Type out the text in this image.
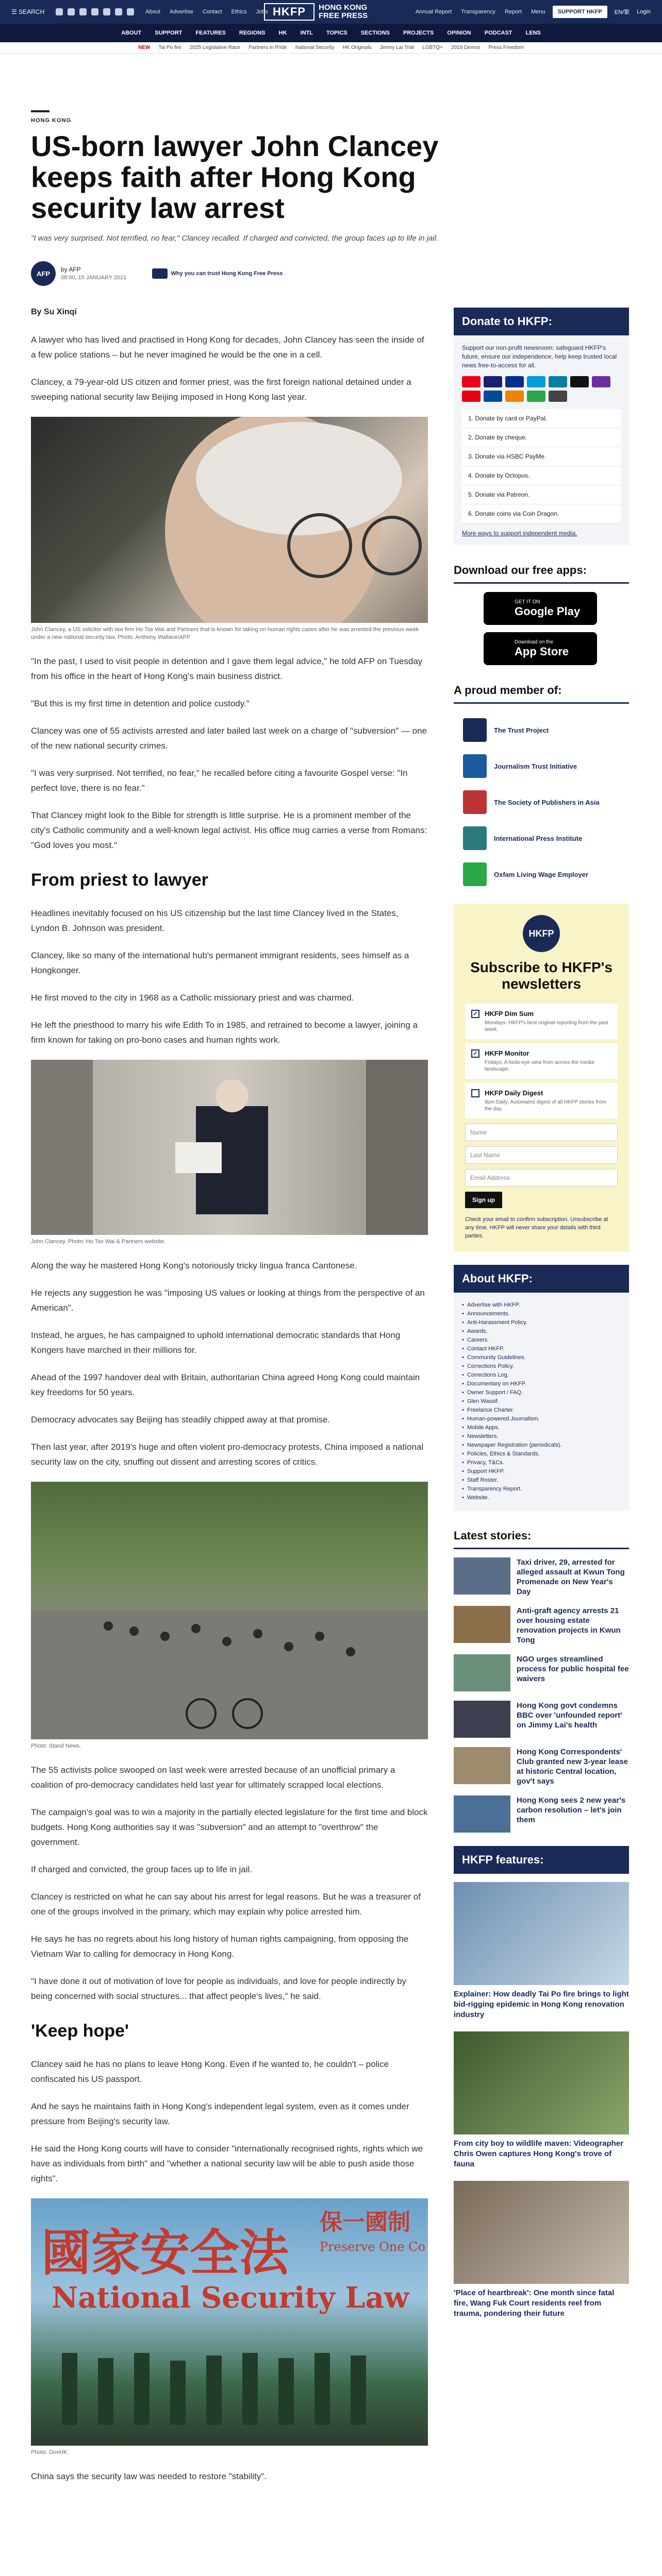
☰ SEARCH	About Advertise Contact Ethics Jobs HKFP	HONG KONG
FREE PRESS	Annual Report Transparency Report Menu	SUPPORT HKFP	EN/繁 Login
ABOUT SUPPORT FEATURES REGIONS HK INTL TOPICS SECTIONS PROJECTS OPINION PODCAST LENS
NEW Tai Po fire 2025 Legislative Race Partners in Pride National Security HK Originals Jimmy Lai Trial LGBTQ+ 2019 Demos Press Freedom
HONG KONG
US-born lawyer John Clancey keeps faith after Hong Kong security law arrest
"I was very surprised. Not terrified, no fear," Clancey recalled. If charged and convicted, the group faces up to life in jail.
AFP
by AFP
08:00, 15 JANUARY 2021
Why you can trust Hong Kong Free Press
By Su Xinqi

A lawyer who has lived and practised in Hong Kong for decades, John Clancey has seen the inside of a few police stations – but he never imagined he would be the one in a cell.

Clancey, a 79-year-old US citizen and former priest, was the first foreign national detained under a sweeping national security law Beijing imposed in Hong Kong last year.

John Clancey, a US solicitor with law firm Ho Tse Wai and Partners that is known for taking on human rights cases after he was arrested the previous week under a new national security law. Photo: Anthony Wallace/AFP

"In the past, I used to visit people in detention and I gave them legal advice," he told AFP on Tuesday from his office in the heart of Hong Kong's main business district.

"But this is my first time in detention and police custody."

Clancey was one of 55 activists arrested and later bailed last week on a charge of "subversion" — one of the new national security crimes.

"I was very surprised. Not terrified, no fear," he recalled before citing a favourite Gospel verse: "In perfect love, there is no fear."

That Clancey might look to the Bible for strength is little surprise. He is a prominent member of the city's Catholic community and a well-known legal activist. His office mug carries a verse from Romans: "God loves you most."

From priest to lawyer

Headlines inevitably focused on his US citizenship but the last time Clancey lived in the States, Lyndon B. Johnson was president.

Clancey, like so many of the international hub's permanent immigrant residents, sees himself as a Hongkonger.

He first moved to the city in 1968 as a Catholic missionary priest and was charmed.

He left the priesthood to marry his wife Edith To in 1985, and retrained to become a lawyer, joining a firm known for taking on pro-bono cases and human rights work.

John Clancey. Photo: Ho Tse Wai & Partners website.

Along the way he mastered Hong Kong's notoriously tricky lingua franca Cantonese.

He rejects any suggestion he was "imposing US values or looking at things from the perspective of an American".

Instead, he argues, he has campaigned to uphold international democratic standards that Hong Kongers have marched in their millions for.

Ahead of the 1997 handover deal with Britain, authoritarian China agreed Hong Kong could maintain key freedoms for 50 years.

Democracy advocates say Beijing has steadily chipped away at that promise.

Then last year, after 2019's huge and often violent pro-democracy protests, China imposed a national security law on the city, snuffing out dissent and arresting scores of critics.

Photo: Stand News.

The 55 activists police swooped on last week were arrested because of an unofficial primary a coalition of pro-democracy candidates held last year for ultimately scrapped local elections.

The campaign's goal was to win a majority in the partially elected legislature for the first time and block budgets. Hong Kong authorities say it was "subversion" and an attempt to "overthrow" the government.

If charged and convicted, the group faces up to life in jail.

Clancey is restricted on what he can say about his arrest for legal reasons. But he was a treasurer of one of the groups involved in the primary, which may explain why police arrested him.

He says he has no regrets about his long history of human rights campaigning, from opposing the Vietnam War to calling for democracy in Hong Kong.

"I have done it out of motivation of love for people as individuals, and love for people indirectly by being concerned with social structures... that affect people's lives," he said.

'Keep hope'

Clancey said he has no plans to leave Hong Kong. Even if he wanted to, he couldn't – police confiscated his US passport.

And he says he maintains faith in Hong Kong's independent legal system, even as it comes under pressure from Beijing's security law.

He said the Hong Kong courts will have to consider "internationally recognised rights, rights which we have as individuals from birth" and "whether a national security law will be able to push aside those rights".

國家安全法
保一國制
National Security Law
Preserve One Co
Photo: GovHK.

China says the security law was needed to restore "stability".

Donate to HKFP:

Support our non-profit newsroom: safeguard HKFP's future, ensure our independence, help keep trusted local news free-to-access for all.

1. Donate by card or PayPal.
2. Donate by cheque.
3. Donate via HSBC PayMe.
4. Donate by Octopus.
5. Donate via Patreon.
6. Donate coins via Coin Dragon.
More ways to support independent media.
Download our free apps:
GET IT ON
Google Play
Download on the
App Store
A proud member of:
The Trust Project
Journalism Trust Initiative
The Society of Publishers in Asia
International Press Institute
Oxfam Living Wage Employer
HKFP
Subscribe to HKFP's newsletters
✓ HKFP Dim Sum
Mondays: HKFP's best original reporting from the past week.
✓ HKFP Monitor
Fridays: A birds-eye view from across the media landscape.
HKFP Daily Digest
9pm Daily: Automated digest of all HKFP stories from the day.
Name
Last Name
Email Address
Sign up
Check your email to confirm subscription. Unsubscribe at any time. HKFP will never share your details with third parties.
About HKFP:
• Advertise with HKFP.
• Announcements.
• Anti-Harassment Policy.
• Awards.
• Careers.
• Contact HKFP.
• Community Guidelines.
• Corrections Policy.
• Corrections Log.
• Documentary on HKFP.
• Owner Support / FAQ.
• Glen Wassif.
• Freelance Charter.
• Human-powered Journalism.
• Mobile Apps.
• Newsletters.
• Newspaper Registration (periodicals).
• Policies, Ethics & Standards.
• Privacy, T&Cs.
• Support HKFP.
• Staff Roster.
• Transparency Report.
• Website.
Latest stories:
Taxi driver, 29, arrested for alleged assault at Kwun Tong Promenade on New Year's Day
Anti-graft agency arrests 21 over housing estate renovation projects in Kwun Tong
NGO urges streamlined process for public hospital fee waivers
Hong Kong govt condemns BBC over 'unfounded report' on Jimmy Lai's health
Hong Kong Correspondents' Club granted new 3-year lease at historic Central location, gov't says
Hong Kong sees 2 new year's carbon resolution – let's join them
HKFP features:
Explainer: How deadly Tai Po fire brings to light bid-rigging epidemic in Hong Kong renovation industry
From city boy to wildlife maven: Videographer Chris Owen captures Hong Kong's trove of fauna
'Place of heartbreak': One month since fatal fire, Wang Fuk Court residents reel from trauma, pondering their future
